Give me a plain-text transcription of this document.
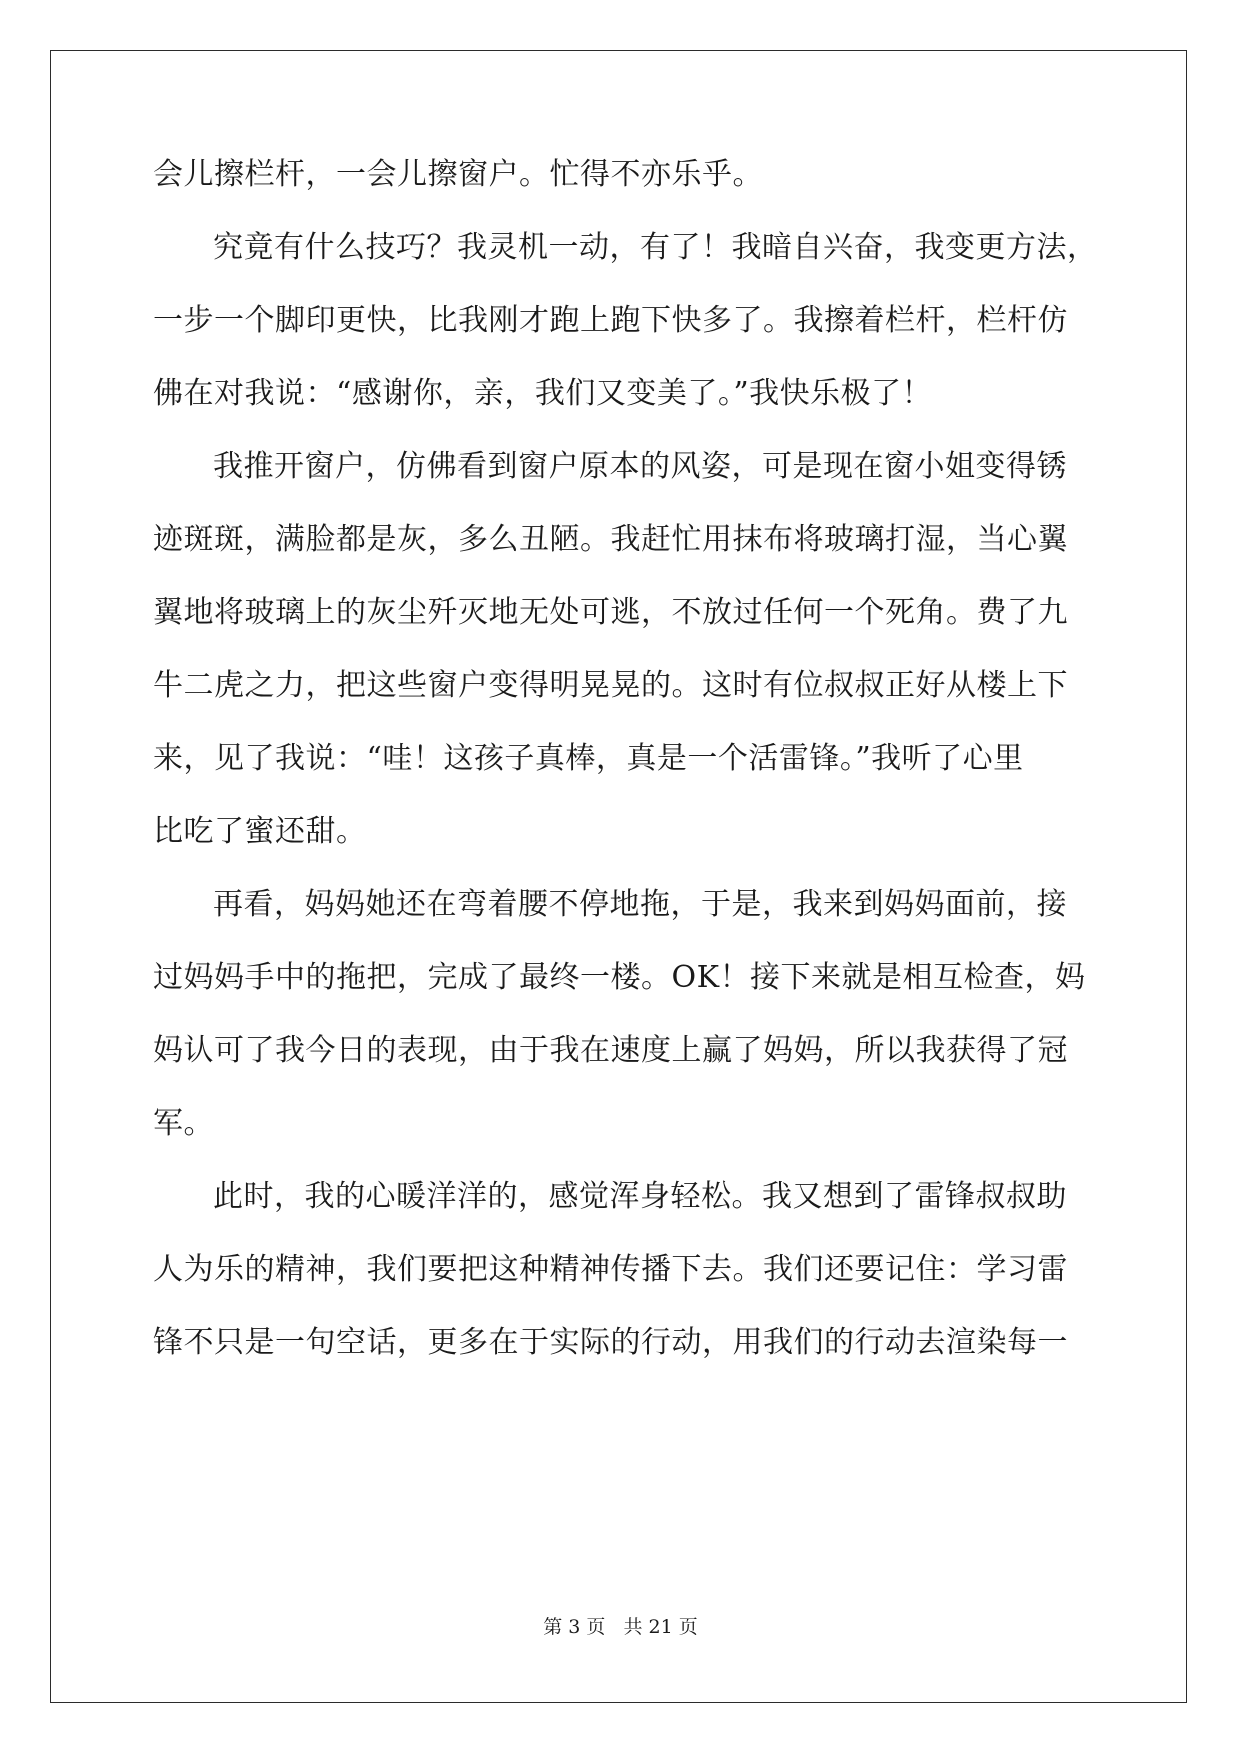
会儿擦栏杆，一会儿擦窗户。忙得不亦乐乎。
究竟有什么技巧？我灵机一动，有了！我暗自兴奋，我变更方法，
一步一个脚印更快，比我刚才跑上跑下快多了。我擦着栏杆，栏杆仿
佛在对我说：“感谢你，亲，我们又变美了。”我快乐极了！
我推开窗户，仿佛看到窗户原本的风姿，可是现在窗小姐变得锈
迹斑斑，满脸都是灰，多么丑陋。我赶忙用抹布将玻璃打湿，当心翼
翼地将玻璃上的灰尘歼灭地无处可逃，不放过任何一个死角。费了九
牛二虎之力，把这些窗户变得明晃晃的。这时有位叔叔正好从楼上下
来，见了我说：“哇！这孩子真棒，真是一个活雷锋。”我听了心里
比吃了蜜还甜。
再看，妈妈她还在弯着腰不停地拖，于是，我来到妈妈面前，接
过妈妈手中的拖把，完成了最终一楼。OK！接下来就是相互检查，妈
妈认可了我今日的表现，由于我在速度上赢了妈妈，所以我获得了冠
军。
此时，我的心暖洋洋的，感觉浑身轻松。我又想到了雷锋叔叔助
人为乐的精神，我们要把这种精神传播下去。我们还要记住：学习雷
锋不只是一句空话，更多在于实际的行动，用我们的行动去渲染每一
第 3 页   共 21 页
